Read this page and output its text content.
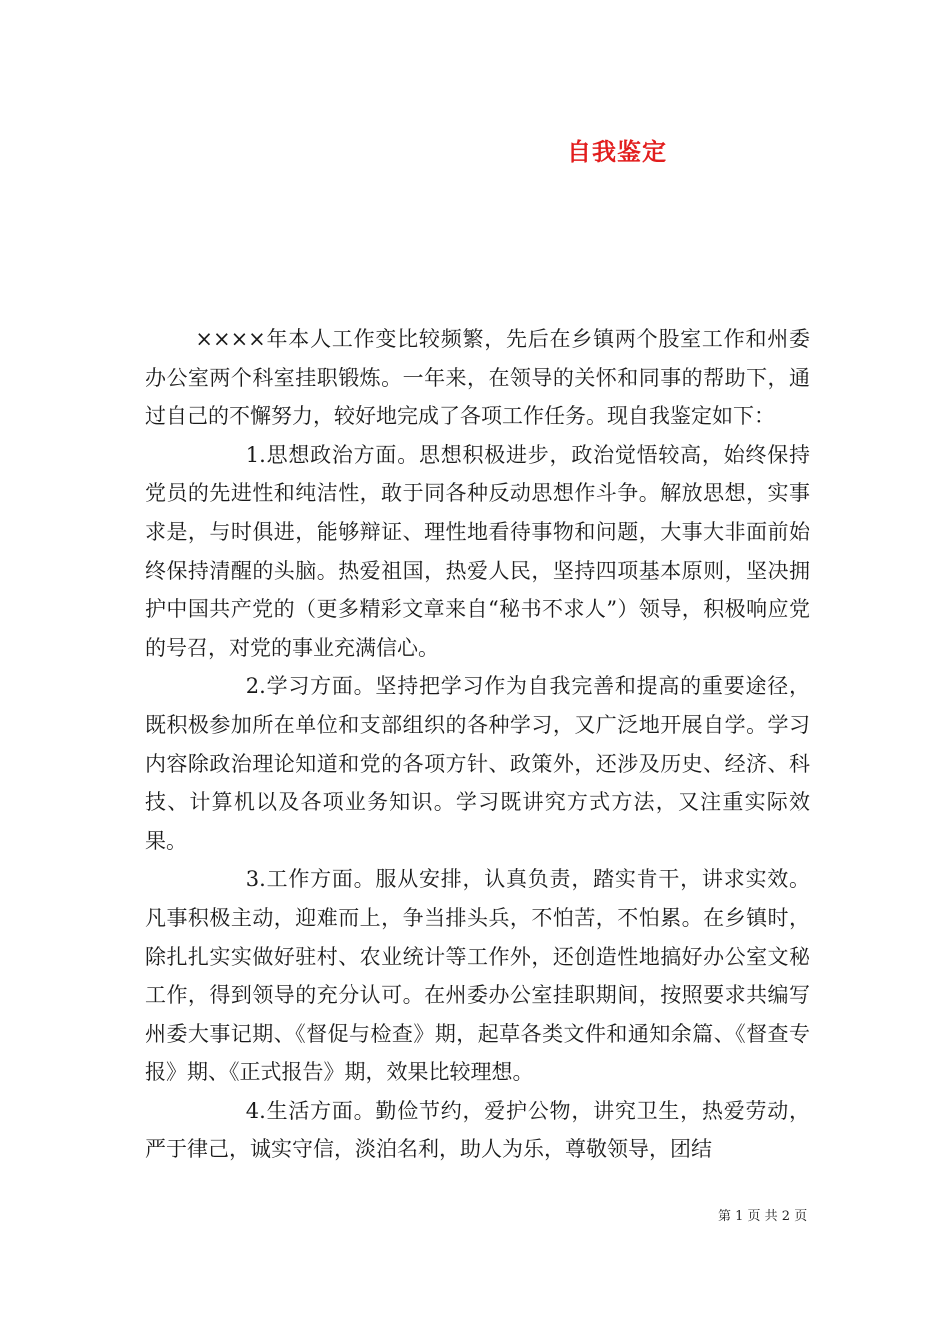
自我鉴定

××××年本人工作变比较频繁，先后在乡镇两个股室工作和州委办公室两个科室挂职锻炼。一年来，在领导的关怀和同事的帮助下，通过自己的不懈努力，较好地完成了各项工作任务。现自我鉴定如下：

1.思想政治方面。思想积极进步，政治觉悟较高，始终保持党员的先进性和纯洁性，敢于同各种反动思想作斗争。解放思想，实事求是，与时俱进，能够辩证、理性地看待事物和问题，大事大非面前始终保持清醒的头脑。热爱祖国，热爱人民，坚持四项基本原则，坚决拥护中国共产党的（更多精彩文章来自“秘书不求人”）领导，积极响应党的号召，对党的事业充满信心。

2.学习方面。坚持把学习作为自我完善和提高的重要途径，既积极参加所在单位和支部组织的各种学习，又广泛地开展自学。学习内容除政治理论知道和党的各项方针、政策外，还涉及历史、经济、科技、计算机以及各项业务知识。学习既讲究方式方法，又注重实际效果。

3.工作方面。服从安排，认真负责，踏实肯干，讲求实效。凡事积极主动，迎难而上，争当排头兵，不怕苦，不怕累。在乡镇时，除扎扎实实做好驻村、农业统计等工作外，还创造性地搞好办公室文秘工作，得到领导的充分认可。在州委办公室挂职期间，按照要求共编写州委大事记期、《督促与检查》期，起草各类文件和通知余篇、《督查专报》期、《正式报告》期，效果比较理想。

4.生活方面。勤俭节约，爱护公物，讲究卫生，热爱劳动，严于律己，诚实守信，淡泊名利，助人为乐，尊敬领导，团结

第 1 页 共 2 页
